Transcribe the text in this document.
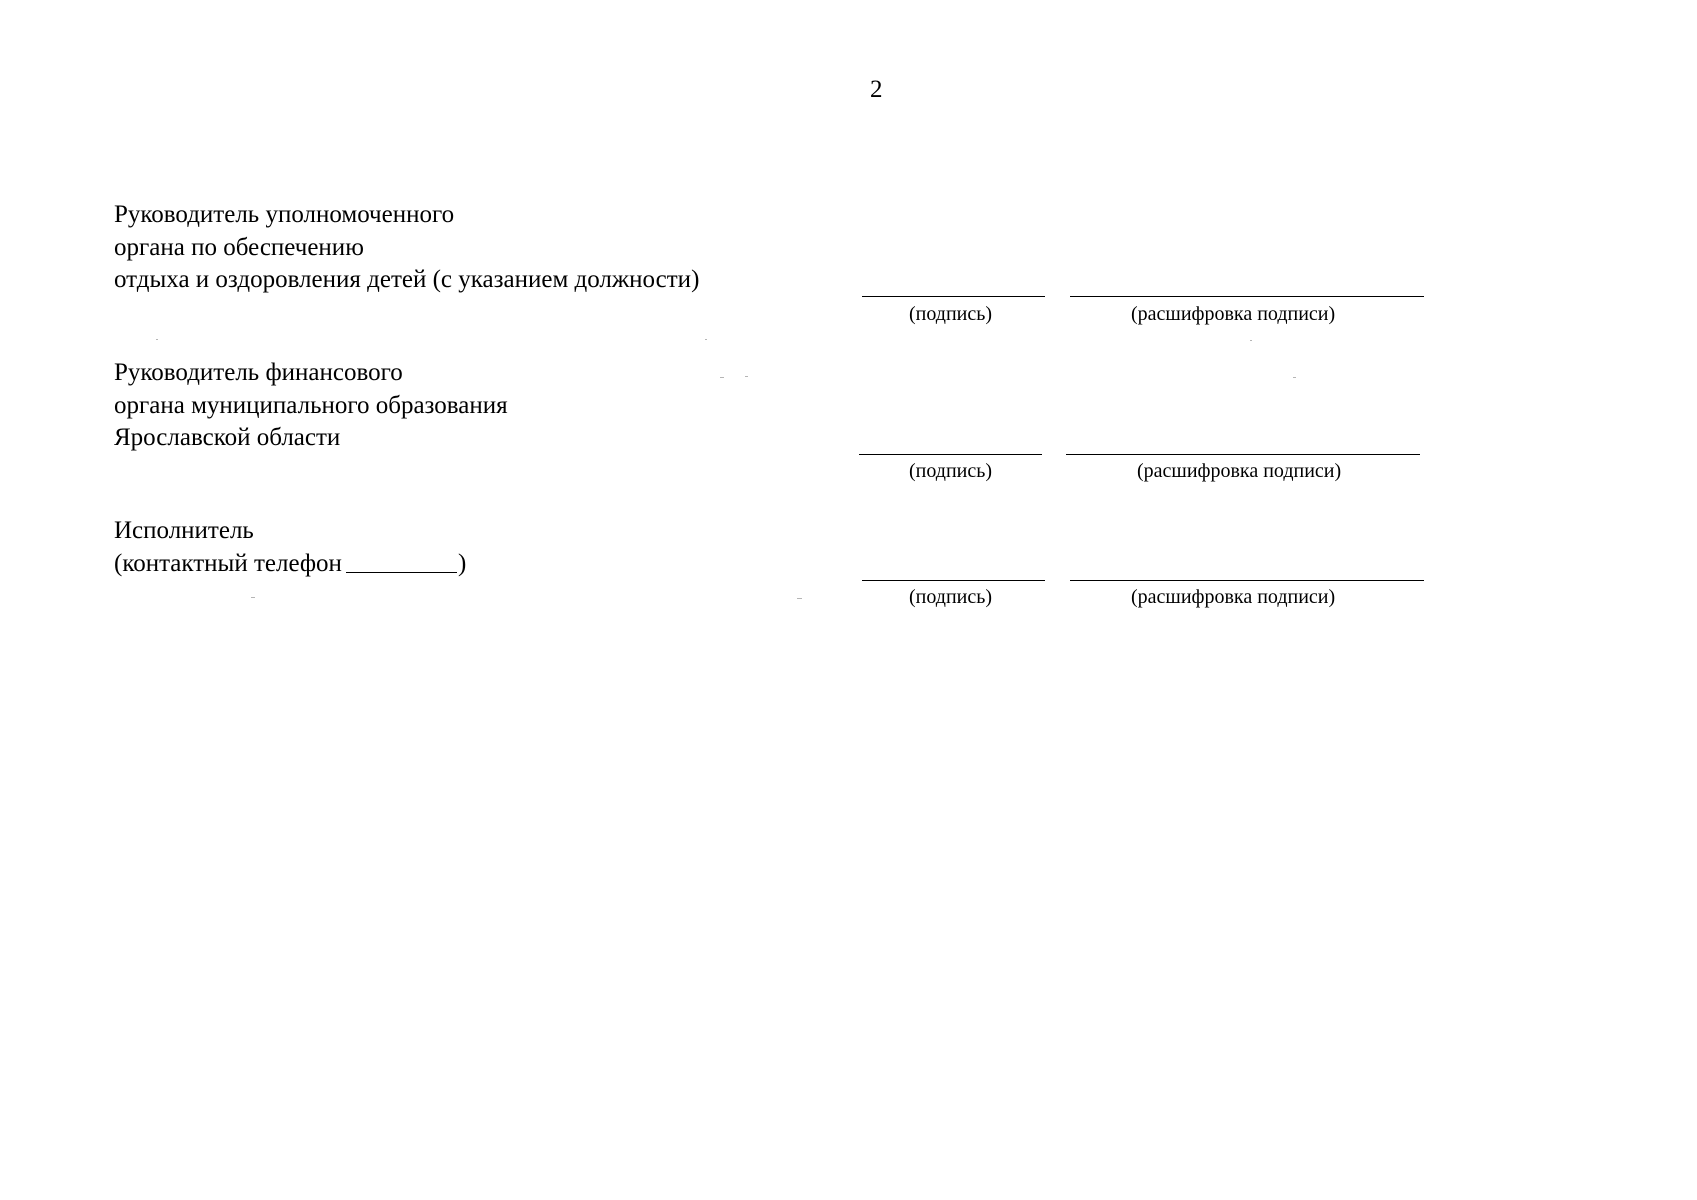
2
Руководитель уполномоченного
органа по обеспечению
отдыха и оздоровления детей (с указанием должности)
(подпись)	(расшифровка подписи)
Руководитель финансового
органа муниципального образования
Ярославской области
(подпись)	(расшифровка подписи)
Исполнитель
(контактный телефон	)
(подпись)	(расшифровка подписи)
